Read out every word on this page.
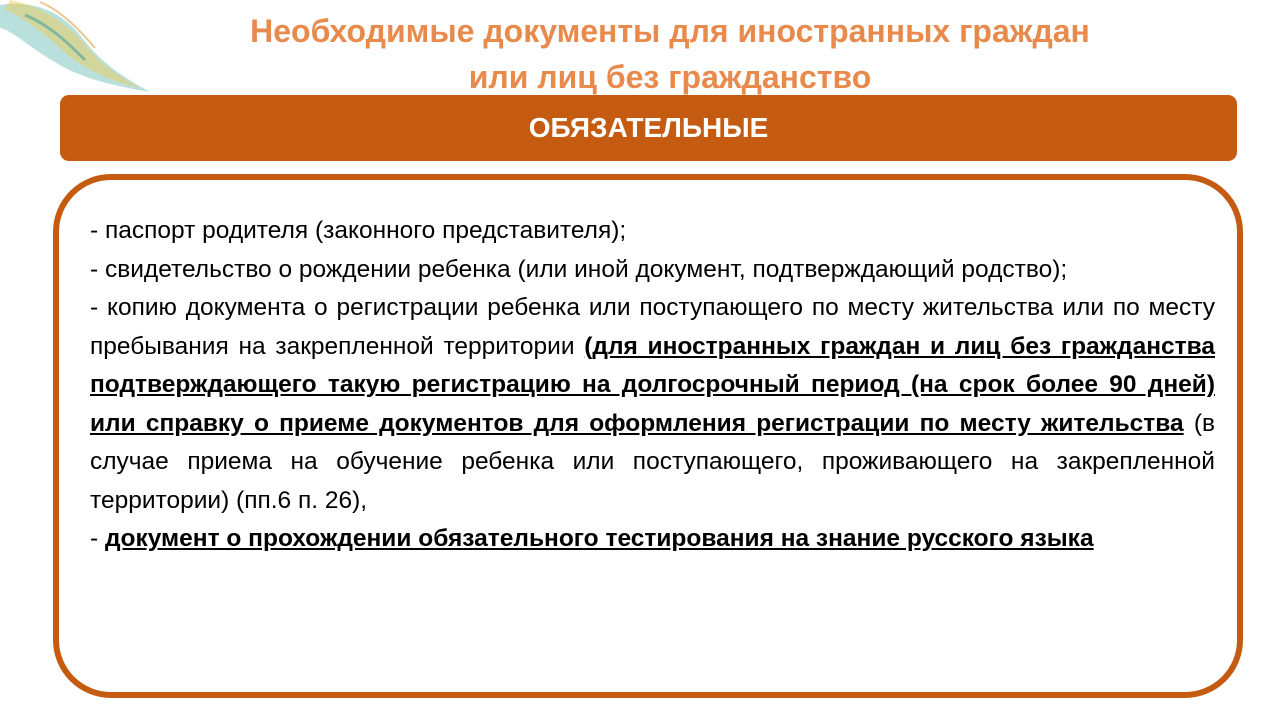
Необходимые документы для иностранных граждан
или лиц без гражданство
ОБЯЗАТЕЛЬНЫЕ

- паспорт родителя (законного представителя);

- свидетельство о рождении ребенка (или иной документ, подтверждающий родство);

- копию документа о регистрации ребенка или поступающего по месту жительства или по месту пребывания на закрепленной территории (для иностранных граждан и лиц без гражданства подтверждающего такую регистрацию на долгосрочный период (на срок более 90 дней) или справку о приеме документов для оформления регистрации по месту жительства (в случае приема на обучение ребенка или поступающего, проживающего на закрепленной территории) (пп.6 п. 26),

- документ о прохождении обязательного тестирования на знание русского языка
